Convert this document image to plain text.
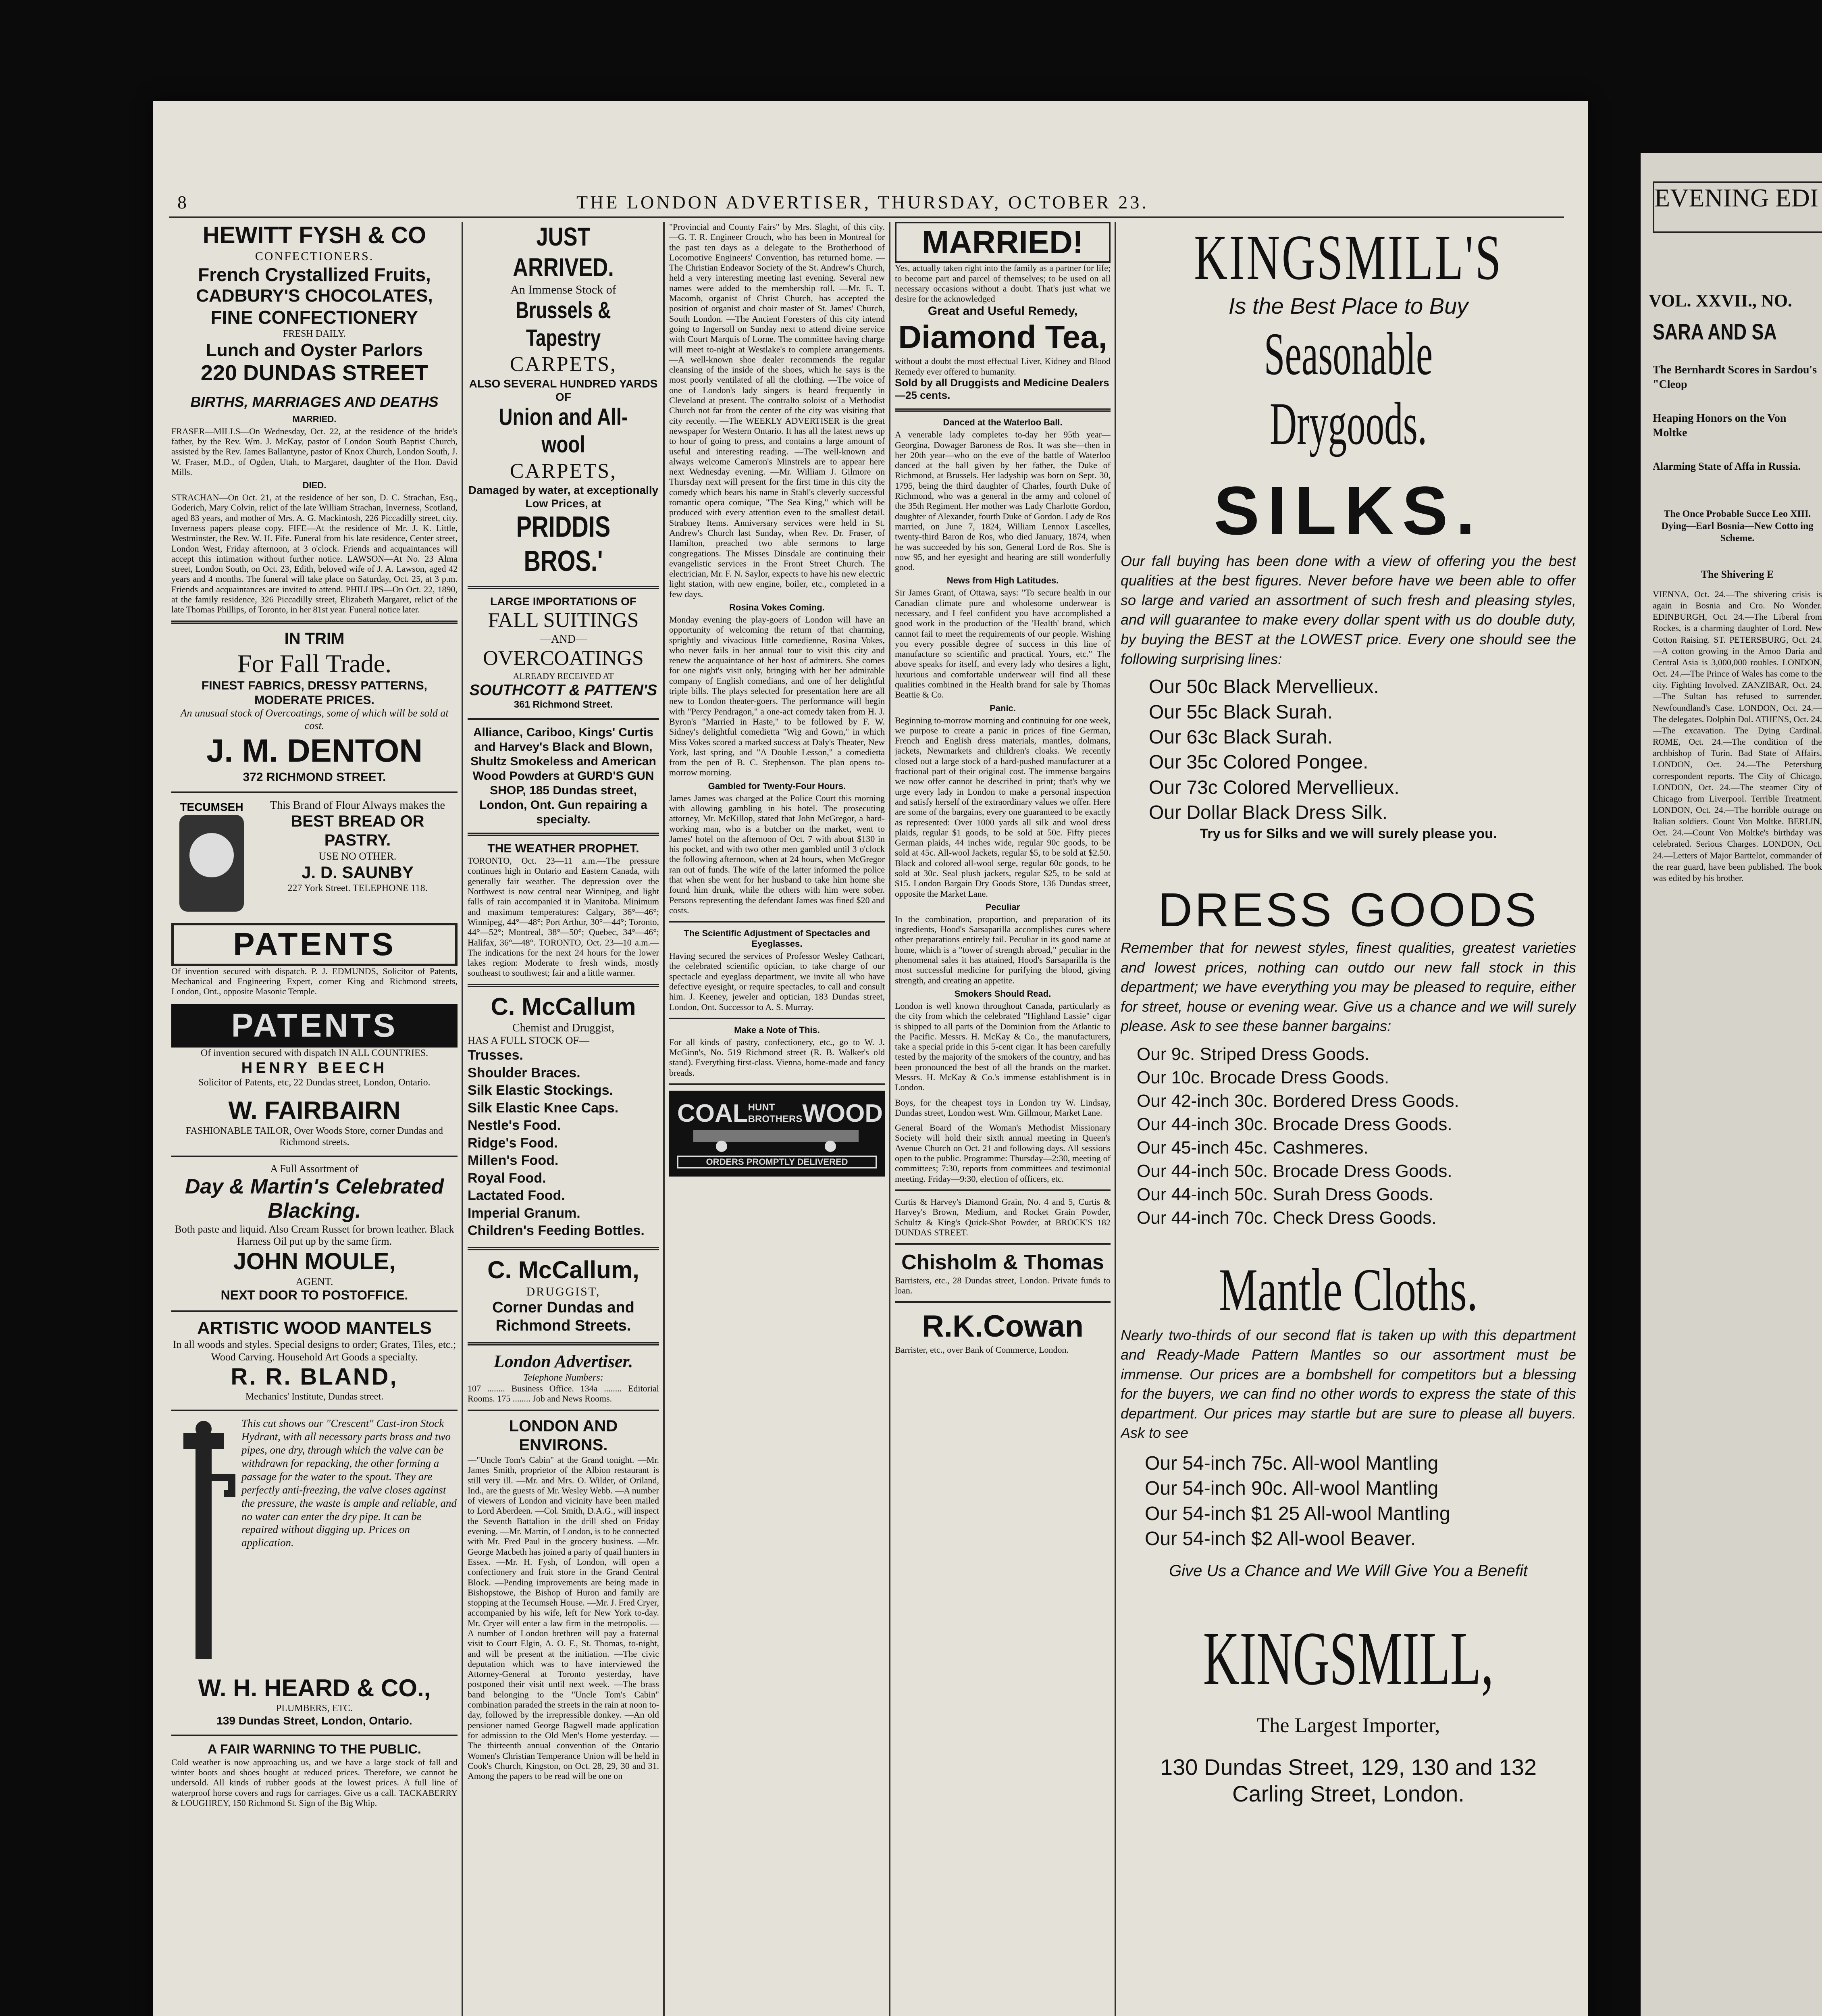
8	THE LONDON ADVERTISER, THURSDAY, OCTOBER 23.
HEWITT FYSH & CO
CONFECTIONERS.
French Crystallized Fruits,
CADBURY'S CHOCOLATES,
FINE CONFECTIONERY
FRESH DAILY.
Lunch and Oyster Parlors
220 DUNDAS STREET
BIRTHS, MARRIAGES AND DEATHS
MARRIED.
FRASER—MILLS—On Wednesday, Oct. 22, at the residence of the bride's father, by the Rev. Wm. J. McKay, pastor of London South Baptist Church, assisted by the Rev. James Ballantyne, pastor of Knox Church, London South, J. W. Fraser, M.D., of Ogden, Utah, to Margaret, daughter of the Hon. David Mills.
DIED.
STRACHAN—On Oct. 21, at the residence of her son, D. C. Strachan, Esq., Goderich, Mary Colvin, relict of the late William Strachan, Inverness, Scotland, aged 83 years, and mother of Mrs. A. G. Mackintosh, 226 Piccadilly street, city. Inverness papers please copy. FIFE—At the residence of Mr. J. K. Little, Westminster, the Rev. W. H. Fife. Funeral from his late residence, Center street, London West, Friday afternoon, at 3 o'clock. Friends and acquaintances will accept this intimation without further notice. LAWSON—At No. 23 Alma street, London South, on Oct. 23, Edith, beloved wife of J. A. Lawson, aged 42 years and 4 months. The funeral will take place on Saturday, Oct. 25, at 3 p.m. Friends and acquaintances are invited to attend. PHILLIPS—On Oct. 22, 1890, at the family residence, 326 Piccadilly street, Elizabeth Margaret, relict of the late Thomas Phillips, of Toronto, in her 81st year. Funeral notice later.
IN TRIM
For Fall Trade.
FINEST FABRICS, DRESSY PATTERNS, MODERATE PRICES.
An unusual stock of Overcoatings, some of which will be sold at cost.
J. M. DENTON
372 RICHMOND STREET.
TECUMSEH	This Brand of Flour Always makes the
BEST BREAD OR PASTRY.
USE NO OTHER.
J. D. SAUNBY
227 York Street. TELEPHONE 118.
PATENTS
Of invention secured with dispatch. P. J. EDMUNDS, Solicitor of Patents, Mechanical and Engineering Expert, corner King and Richmond streets, London, Ont., opposite Masonic Temple.
PATENTS
Of invention secured with dispatch IN ALL COUNTRIES.
HENRY BEECH
Solicitor of Patents, etc, 22 Dundas street, London, Ontario.
W. FAIRBAIRN
FASHIONABLE TAILOR, Over Woods Store, corner Dundas and Richmond streets.
A Full Assortment of
Day & Martin's Celebrated Blacking.
Both paste and liquid. Also Cream Russet for brown leather. Black Harness Oil put up by the same firm.
JOHN MOULE,
AGENT.
NEXT DOOR TO POSTOFFICE.
ARTISTIC WOOD MANTELS
In all woods and styles. Special designs to order; Grates, Tiles, etc.; Wood Carving. Household Art Goods a specialty.
R. R. BLAND,
Mechanics' Institute, Dundas street.
This cut shows our "Crescent" Cast-iron Stock Hydrant, with all necessary parts brass and two pipes, one dry, through which the valve can be withdrawn for repacking, the other forming a passage for the water to the spout. They are perfectly anti-freezing, the valve closes against the pressure, the waste is ample and reliable, and no water can enter the dry pipe. It can be repaired without digging up. Prices on application.
W. H. HEARD & CO.,
PLUMBERS, ETC.
139 Dundas Street, London, Ontario.
A FAIR WARNING TO THE PUBLIC.
Cold weather is now approaching us, and we have a large stock of fall and winter boots and shoes bought at reduced prices. Therefore, we cannot be undersold. All kinds of rubber goods at the lowest prices. A full line of waterproof horse covers and rugs for carriages. Give us a call. TACKABERRY & LOUGHREY, 150 Richmond St. Sign of the Big Whip.
JUST ARRIVED.
An Immense Stock of
Brussels & Tapestry
CARPETS,
ALSO SEVERAL HUNDRED YARDS OF
Union and All-wool
CARPETS,
Damaged by water, at exceptionally Low Prices, at
PRIDDIS BROS.'
LARGE IMPORTATIONS OF
FALL SUITINGS
—AND—
OVERCOATINGS
ALREADY RECEIVED AT
SOUTHCOTT & PATTEN'S
361 Richmond Street.
Alliance, Cariboo, Kings' Curtis and Harvey's Black and Blown, Shultz Smokeless and American Wood Powders at GURD'S GUN SHOP, 185 Dundas street, London, Ont. Gun repairing a specialty.
THE WEATHER PROPHET.
TORONTO, Oct. 23—11 a.m.—The pressure continues high in Ontario and Eastern Canada, with generally fair weather. The depression over the Northwest is now central near Winnipeg, and light falls of rain accompanied it in Manitoba. Minimum and maximum temperatures: Calgary, 36°—46°; Winnipeg, 44°—48°; Port Arthur, 30°—44°; Toronto, 44°—52°; Montreal, 38°—50°; Quebec, 34°—46°; Halifax, 36°—48°. TORONTO, Oct. 23—10 a.m.—The indications for the next 24 hours for the lower lakes region: Moderate to fresh winds, mostly southeast to southwest; fair and a little warmer.
C. McCallum
Chemist and Druggist,
HAS A FULL STOCK OF—
Trusses.
Shoulder Braces.
Silk Elastic Stockings.
Silk Elastic Knee Caps.
Nestle's Food.
Ridge's Food.
Millen's Food.
Royal Food.
Lactated Food.
Imperial Granum.
Children's Feeding Bottles.
C. McCallum,
DRUGGIST,
Corner Dundas and Richmond Streets.
London Advertiser.
Telephone Numbers:
107 ........ Business Office. 134a ........ Editorial Rooms. 175 ........ Job and News Rooms.
LONDON AND ENVIRONS.
—"Uncle Tom's Cabin" at the Grand tonight. —Mr. James Smith, proprietor of the Albion restaurant is still very ill. —Mr. and Mrs. O. Wilder, of Oriland, Ind., are the guests of Mr. Wesley Webb. —A number of viewers of London and vicinity have been mailed to Lord Aberdeen. —Col. Smith, D.A.G., will inspect the Seventh Battalion in the drill shed on Friday evening. —Mr. Martin, of London, is to be connected with Mr. Fred Paul in the grocery business. —Mr. George Macbeth has joined a party of quail hunters in Essex. —Mr. H. Fysh, of London, will open a confectionery and fruit store in the Grand Central Block. —Pending improvements are being made in Bishopstowe, the Bishop of Huron and family are stopping at the Tecumseh House. —Mr. J. Fred Cryer, accompanied by his wife, left for New York to-day. Mr. Cryer will enter a law firm in the metropolis. —A number of London brethren will pay a fraternal visit to Court Elgin, A. O. F., St. Thomas, to-night, and will be present at the initiation. —The civic deputation which was to have interviewed the Attorney-General at Toronto yesterday, have postponed their visit until next week. —The brass band belonging to the "Uncle Tom's Cabin" combination paraded the streets in the rain at noon to-day, followed by the irrepressible donkey. —An old pensioner named George Bagwell made application for admission to the Old Men's Home yesterday. —The thirteenth annual convention of the Ontario Women's Christian Temperance Union will be held in Cook's Church, Kingston, on Oct. 28, 29, 30 and 31. Among the papers to be read will be one on
"Provincial and County Fairs" by Mrs. Slaght, of this city. —G. T. R. Engineer Crouch, who has been in Montreal for the past ten days as a delegate to the Brotherhood of Locomotive Engineers' Convention, has returned home. —The Christian Endeavor Society of the St. Andrew's Church, held a very interesting meeting last evening. Several new names were added to the membership roll. —Mr. E. T. Macomb, organist of Christ Church, has accepted the position of organist and choir master of St. James' Church, South London. —The Ancient Foresters of this city intend going to Ingersoll on Sunday next to attend divine service with Court Marquis of Lorne. The committee having charge will meet to-night at Westlake's to complete arrangements. —A well-known shoe dealer recommends the regular cleansing of the inside of the shoes, which he says is the most poorly ventilated of all the clothing. —The voice of one of London's lady singers is heard frequently in Cleveland at present. The contralto soloist of a Methodist Church not far from the center of the city was visiting that city recently. —The WEEKLY ADVERTISER is the great newspaper for Western Ontario. It has all the latest news up to hour of going to press, and contains a large amount of useful and interesting reading. —The well-known and always welcome Cameron's Minstrels are to appear here next Wednesday evening. —Mr. William J. Gilmore on Thursday next will present for the first time in this city the comedy which bears his name in Stahl's cleverly successful romantic opera comique, "The Sea King," which will be produced with every attention even to the smallest detail. Strabney Items. Anniversary services were held in St. Andrew's Church last Sunday, when Rev. Dr. Fraser, of Hamilton, preached two able sermons to large congregations. The Misses Dinsdale are continuing their evangelistic services in the Front Street Church. The electrician, Mr. F. N. Saylor, expects to have his new electric light station, with new engine, boiler, etc., completed in a few days.
Rosina Vokes Coming.
Monday evening the play-goers of London will have an opportunity of welcoming the return of that charming, sprightly and vivacious little comedienne, Rosina Vokes, who never fails in her annual tour to visit this city and renew the acquaintance of her host of admirers. She comes for one night's visit only, bringing with her her admirable company of English comedians, and one of her delightful triple bills. The plays selected for presentation here are all new to London theater-goers. The performance will begin with "Percy Pendragon," a one-act comedy taken from H. J. Byron's "Married in Haste," to be followed by F. W. Sidney's delightful comedietta "Wig and Gown," in which Miss Vokes scored a marked success at Daly's Theater, New York, last spring, and "A Double Lesson," a comedietta from the pen of B. C. Stephenson. The plan opens to-morrow morning.
Gambled for Twenty-Four Hours.
James James was charged at the Police Court this morning with allowing gambling in his hotel. The prosecuting attorney, Mr. McKillop, stated that John McGregor, a hard-working man, who is a butcher on the market, went to James' hotel on the afternoon of Oct. 7 with about $130 in his pocket, and with two other men gambled until 3 o'clock the following afternoon, when at 24 hours, when McGregor ran out of funds. The wife of the latter informed the police that when she went for her husband to take him home she found him drunk, while the others with him were sober. Persons representing the defendant James was fined $20 and costs.
The Scientific Adjustment of Spectacles and Eyeglasses.
Having secured the services of Professor Wesley Cathcart, the celebrated scientific optician, to take charge of our spectacle and eyeglass department, we invite all who have defective eyesight, or require spectacles, to call and consult him. J. Keeney, jeweler and optician, 183 Dundas street, London, Ont. Successor to A. S. Murray.
Make a Note of This.
For all kinds of pastry, confectionery, etc., go to W. J. McGinn's, No. 519 Richmond street (R. B. Walker's old stand). Everything first-class. Vienna, home-made and fancy breads.
COAL HUNT BROTHERS WOOD
ORDERS PROMPTLY DELIVERED
MARRIED!
Yes, actually taken right into the family as a partner for life; to become part and parcel of themselves; to be used on all necessary occasions without a doubt. That's just what we desire for the acknowledged
Great and Useful Remedy,
Diamond Tea,
without a doubt the most effectual Liver, Kidney and Blood Remedy ever offered to humanity.
Sold by all Druggists and Medicine Dealers—25 cents.
Danced at the Waterloo Ball.
A venerable lady completes to-day her 95th year—Georgina, Dowager Baroness de Ros. It was she—then in her 20th year—who on the eve of the battle of Waterloo danced at the ball given by her father, the Duke of Richmond, at Brussels. Her ladyship was born on Sept. 30, 1795, being the third daughter of Charles, fourth Duke of Richmond, who was a general in the army and colonel of the 35th Regiment. Her mother was Lady Charlotte Gordon, daughter of Alexander, fourth Duke of Gordon. Lady de Ros married, on June 7, 1824, William Lennox Lascelles, twenty-third Baron de Ros, who died January, 1874, when he was succeeded by his son, General Lord de Ros. She is now 95, and her eyesight and hearing are still wonderfully good.
News from High Latitudes.
Sir James Grant, of Ottawa, says: "To secure health in our Canadian climate pure and wholesome underwear is necessary, and I feel confident you have accomplished a good work in the production of the 'Health' brand, which cannot fail to meet the requirements of our people. Wishing you every possible degree of success in this line of manufacture so scientific and practical. Yours, etc." The above speaks for itself, and every lady who desires a light, luxurious and comfortable underwear will find all these qualities combined in the Health brand for sale by Thomas Beattie & Co.
Panic.
Beginning to-morrow morning and continuing for one week, we purpose to create a panic in prices of fine German, French and English dress materials, mantles, dolmans, jackets, Newmarkets and children's cloaks. We recently closed out a large stock of a hard-pushed manufacturer at a fractional part of their original cost. The immense bargains we now offer cannot be described in print; that's why we urge every lady in London to make a personal inspection and satisfy herself of the extraordinary values we offer. Here are some of the bargains, every one guaranteed to be exactly as represented: Over 1000 yards all silk and wool dress plaids, regular $1 goods, to be sold at 50c. Fifty pieces German plaids, 44 inches wide, regular 90c goods, to be sold at 45c. All-wool Jackets, regular $5, to be sold at $2.50. Black and colored all-wool serge, regular 60c goods, to be sold at 30c. Seal plush jackets, regular $25, to be sold at $15. London Bargain Dry Goods Store, 136 Dundas street, opposite the Market Lane.
Peculiar
In the combination, proportion, and preparation of its ingredients, Hood's Sarsaparilla accomplishes cures where other preparations entirely fail. Peculiar in its good name at home, which is a "tower of strength abroad," peculiar in the phenomenal sales it has attained, Hood's Sarsaparilla is the most successful medicine for purifying the blood, giving strength, and creating an appetite.
Smokers Should Read.
London is well known throughout Canada, particularly as the city from which the celebrated "Highland Lassie" cigar is shipped to all parts of the Dominion from the Atlantic to the Pacific. Messrs. H. McKay & Co., the manufacturers, take a special pride in this 5-cent cigar. It has been carefully tested by the majority of the smokers of the country, and has been pronounced the best of all the brands on the market. Messrs. H. McKay & Co.'s immense establishment is in London.
Boys, for the cheapest toys in London try W. Lindsay, Dundas street, London west. Wm. Gillmour, Market Lane.
General Board of the Woman's Methodist Missionary Society will hold their sixth annual meeting in Queen's Avenue Church on Oct. 21 and following days. All sessions open to the public. Programme: Thursday—2:30, meeting of committees; 7:30, reports from committees and testimonial meeting. Friday—9:30, election of officers, etc.
Curtis & Harvey's Diamond Grain, No. 4 and 5, Curtis & Harvey's Brown, Medium, and Rocket Grain Powder, Schultz & King's Quick-Shot Powder, at BROCK'S 182 DUNDAS STREET.
Chisholm & Thomas
Barristers, etc., 28 Dundas street, London. Private funds to loan.
R.K.Cowan
Barrister, etc., over Bank of Commerce, London.
KINGSMILL'S
Is the Best Place to Buy
Seasonable Drygoods.
SILKS.
Our fall buying has been done with a view of offering you the best qualities at the best figures. Never before have we been able to offer so large and varied an assortment of such fresh and pleasing styles, and will guarantee to make every dollar spent with us do double duty, by buying the BEST at the LOWEST price. Every one should see the following surprising lines:
Our 50c Black Mervellieux.
Our 55c Black Surah.
Our 63c Black Surah.
Our 35c Colored Pongee.
Our 73c Colored Mervellieux.
Our Dollar Black Dress Silk.
Try us for Silks and we will surely please you.
DRESS GOODS
Remember that for newest styles, finest qualities, greatest varieties and lowest prices, nothing can outdo our new fall stock in this department; we have everything you may be pleased to require, either for street, house or evening wear. Give us a chance and we will surely please. Ask to see these banner bargains:
Our 9c. Striped Dress Goods.
Our 10c. Brocade Dress Goods.
Our 42-inch 30c. Bordered Dress Goods.
Our 44-inch 30c. Brocade Dress Goods.
Our 45-inch 45c. Cashmeres.
Our 44-inch 50c. Brocade Dress Goods.
Our 44-inch 50c. Surah Dress Goods.
Our 44-inch 70c. Check Dress Goods.
Mantle Cloths.
Nearly two-thirds of our second flat is taken up with this department and Ready-Made Pattern Mantles so our assortment must be immense. Our prices are a bombshell for competitors but a blessing for the buyers, we can find no other words to express the state of this department. Our prices may startle but are sure to please all buyers. Ask to see
Our 54-inch 75c. All-wool Mantling
Our 54-inch 90c. All-wool Mantling
Our 54-inch $1 25 All-wool Mantling
Our 54-inch $2 All-wool Beaver.
Give Us a Chance and We Will Give You a Benefit
KINGSMILL,
The Largest Importer,
130 Dundas Street, 129, 130 and 132
Carling Street, London.
EVENING EDI
VOL. XXVII., NO.
SARA AND SA
The Bernhardt Scores in Sardou's "Cleop
Heaping Honors on the Von Moltke
Alarming State of Affa in Russia.
The Once Probable Succe Leo XIII. Dying—Earl Bosnia—New Cotto ing Scheme.
The Shivering E
VIENNA, Oct. 24.—The shivering crisis is again in Bosnia and Cro. No Wonder. EDINBURGH, Oct. 24.—The Liberal from Rockes, is a charming daughter of Lord. New Cotton Raising. ST. PETERSBURG, Oct. 24.—A cotton growing in the Amoo Daria and Central Asia is 3,000,000 roubles. LONDON, Oct. 24.—The Prince of Wales has come to the city. Fighting Involved. ZANZIBAR, Oct. 24.—The Sultan has refused to surrender. Newfoundland's Case. LONDON, Oct. 24.—The delegates. Dolphin Dol. ATHENS, Oct. 24.—The excavation. The Dying Cardinal. ROME, Oct. 24.—The condition of the archbishop of Turin. Bad State of Affairs. LONDON, Oct. 24.—The Petersburg correspondent reports. The City of Chicago. LONDON, Oct. 24.—The steamer City of Chicago from Liverpool. Terrible Treatment. LONDON, Oct. 24.—The horrible outrage on Italian soldiers. Count Von Moltke. BERLIN, Oct. 24.—Count Von Moltke's birthday was celebrated. Serious Charges. LONDON, Oct. 24.—Letters of Major Barttelot, commander of the rear guard, have been published. The book was edited by his brother.
